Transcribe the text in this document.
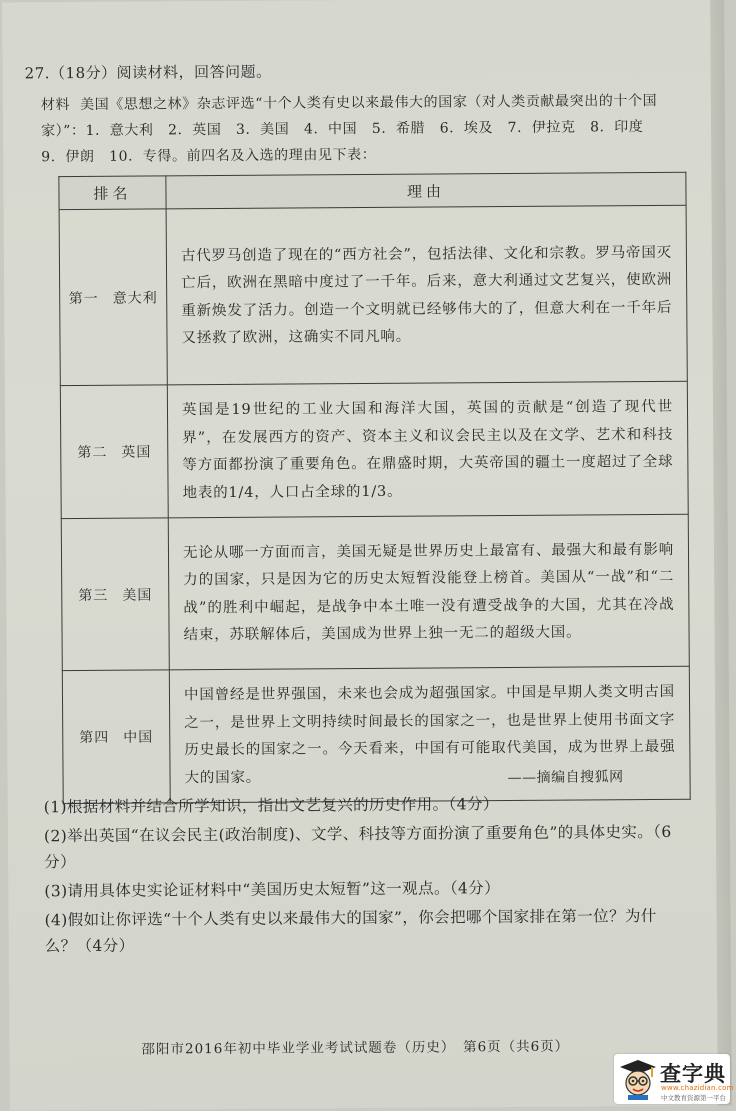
27.（18分）阅读材料，回答问题。
材料 美国《思想之林》杂志评选“十个人类有史以来最伟大的国家（对人类贡献最突出的十个国家）”：1．意大利　2．英国　3．美国　4．中国　5．希腊　6．埃及　7．伊拉克　8．印度　9．伊朗　10．专得。前四名及入选的理由见下表：
排名	理由
第一 意大利	古代罗马创造了现在的“西方社会”，包括法律、文化和宗教。罗马帝国灭亡后，欧洲在黑暗中度过了一千年。后来，意大利通过文艺复兴，使欧洲重新焕发了活力。创造一个文明就已经够伟大的了，但意大利在一千年后又拯救了欧洲，这确实不同凡响。
第二 英国	英国是19世纪的工业大国和海洋大国，英国的贡献是“创造了现代世界”，在发展西方的资产、资本主义和议会民主以及在文学、艺术和科技等方面都扮演了重要角色。在鼎盛时期，大英帝国的疆土一度超过了全球地表的1/4，人口占全球的1/3。
第三 美国	无论从哪一方面而言，美国无疑是世界历史上最富有、最强大和最有影响力的国家，只是因为它的历史太短暂没能登上榜首。美国从“一战”和“二战”的胜利中崛起，是战争中本土唯一没有遭受战争的大国，尤其在冷战结束，苏联解体后，美国成为世界上独一无二的超级大国。
第四 中国	中国曾经是世界强国，未来也会成为超强国家。中国是早期人类文明古国之一，是世界上文明持续时间最长的国家之一，也是世界上使用书面文字历史最长的国家之一。今天看来，中国有可能取代美国，成为世界上最强大的国家。	——摘编自搜狐网

(1)根据材料并结合所学知识，指出文艺复兴的历史作用。（4分）

(2)举出英国“在议会民主(政治制度)、文学、科技等方面扮演了重要角色”的具体史实。（6分）

(3)请用具体史实论证材料中“美国历史太短暂”这一观点。（4分）

(4)假如让你评选“十个人类有史以来最伟大的国家”，你会把哪个国家排在第一位？为什么？（4分）

邵阳市2016年初中毕业学业考试试题卷（历史）　第6页（共6页）
查字典
www.chazidian.com
中文教育资源第一平台
